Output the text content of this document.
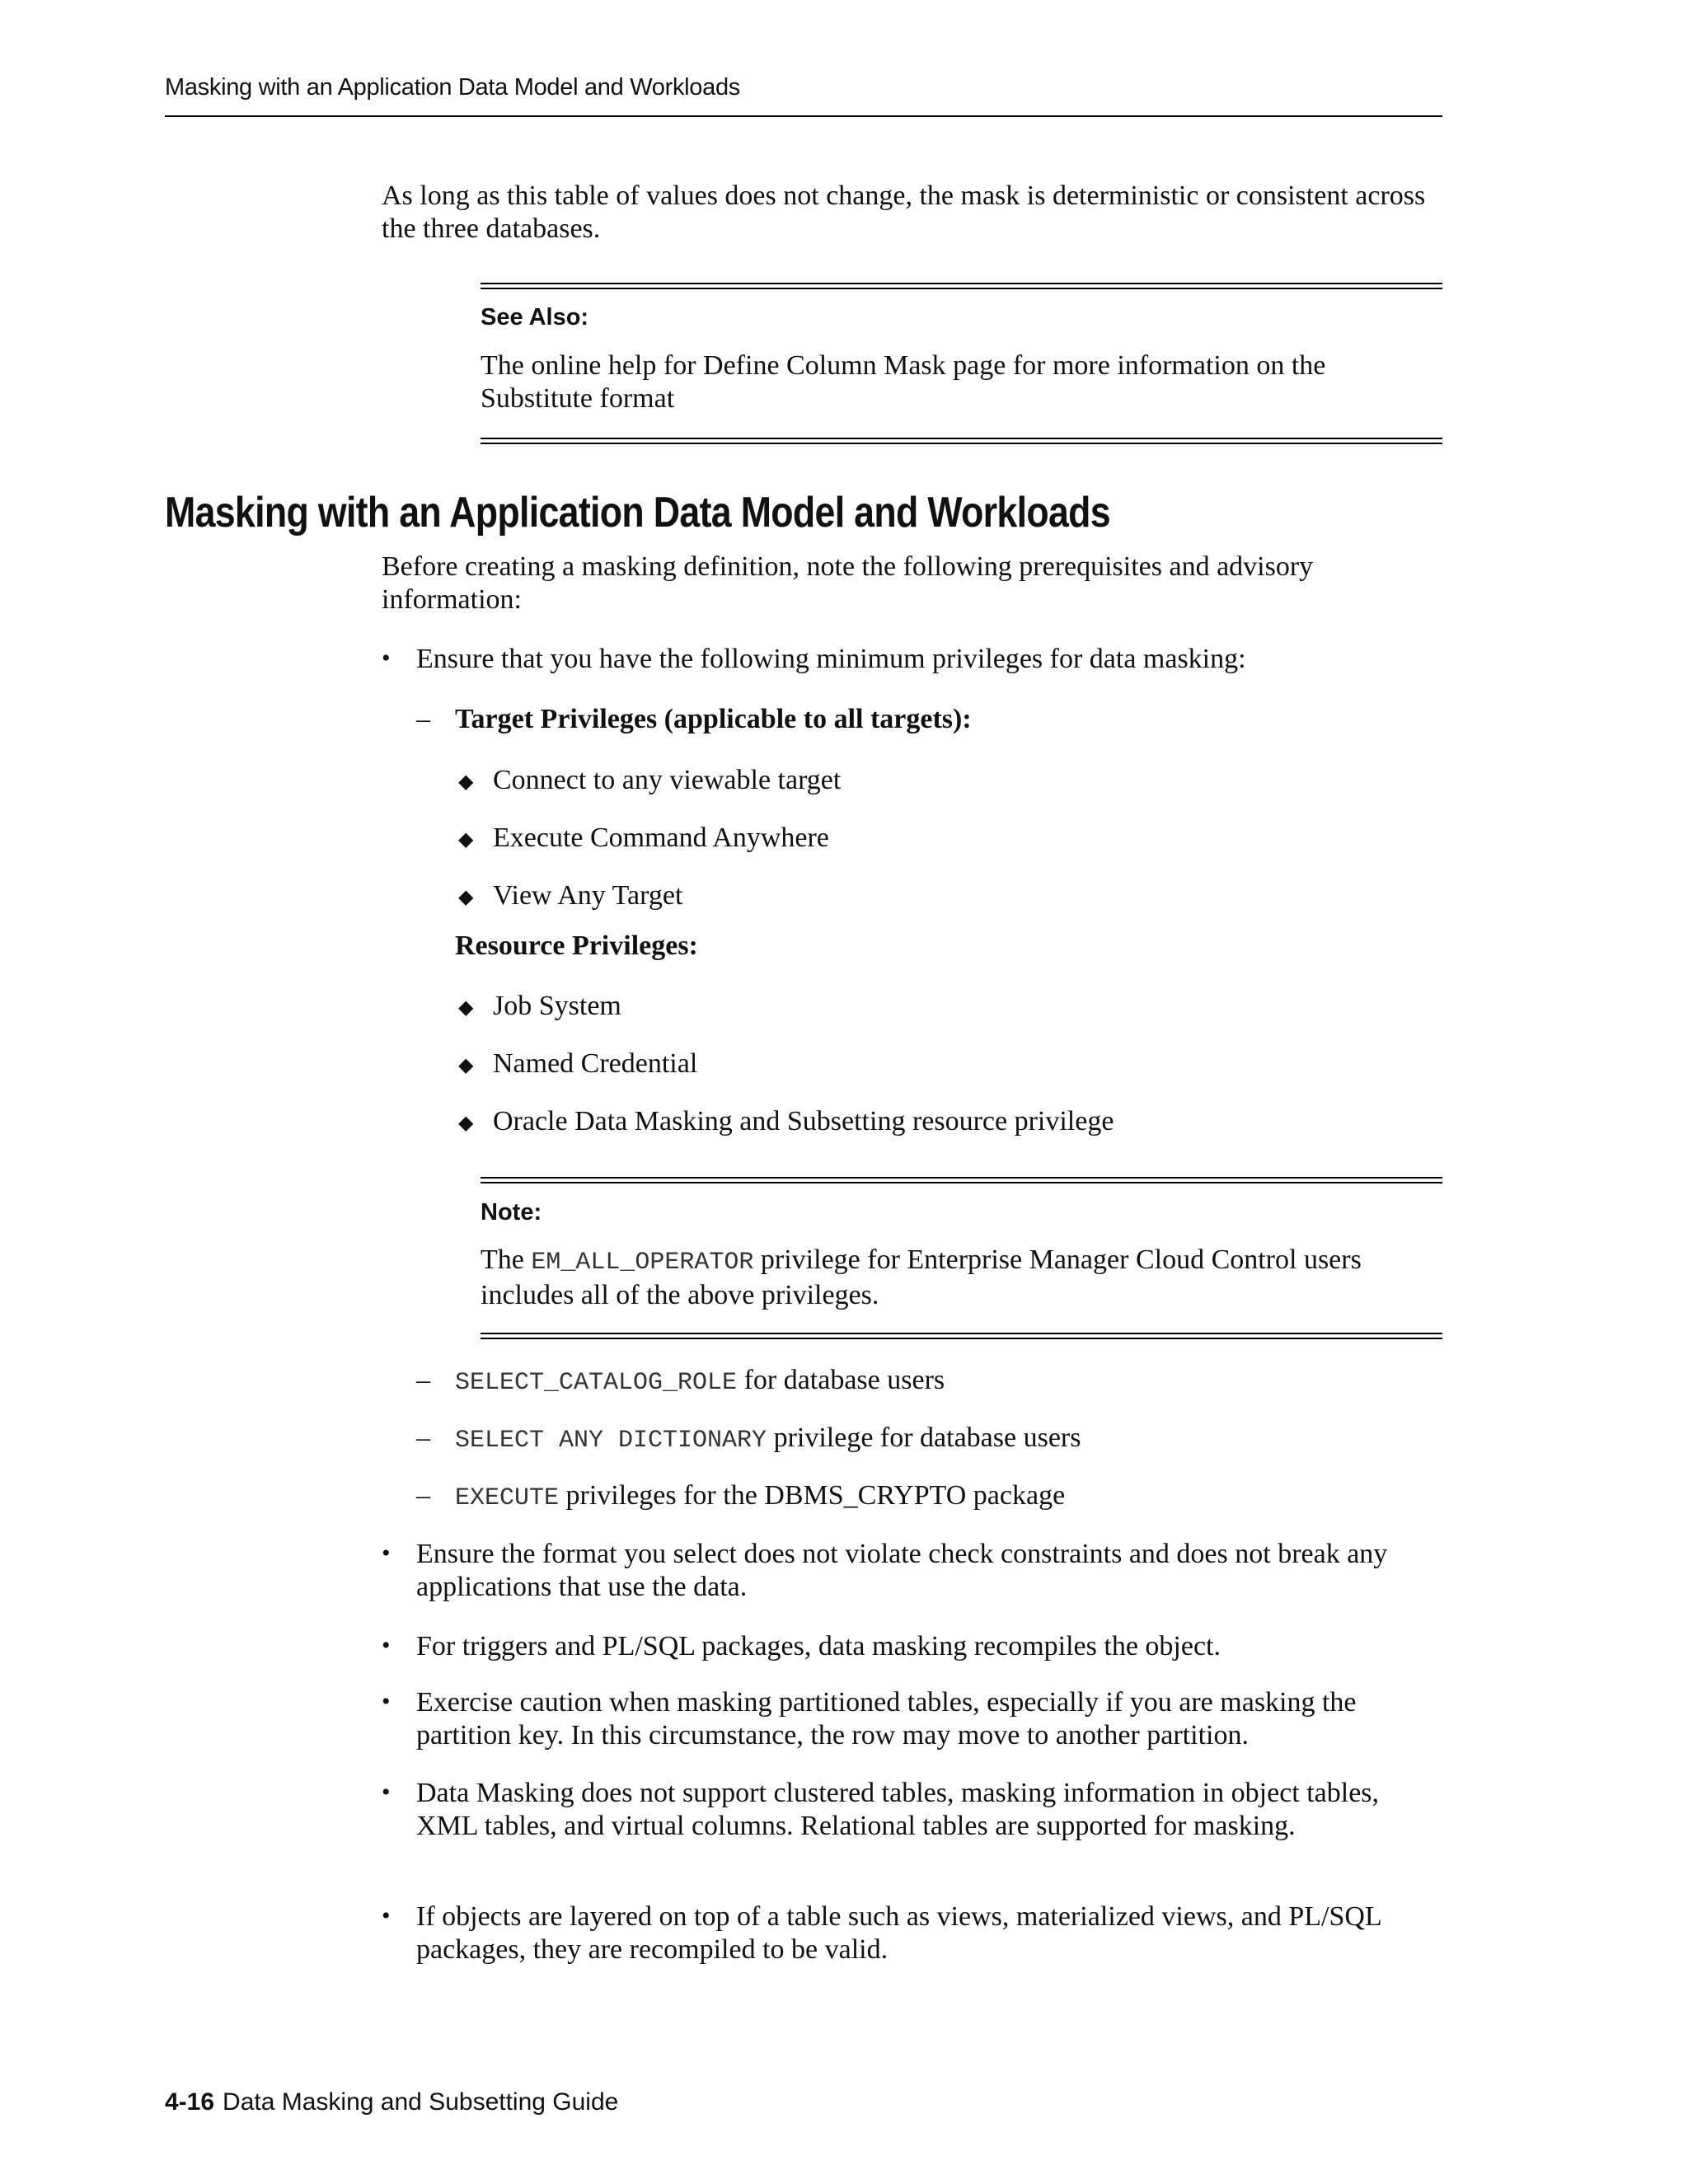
Masking with an Application Data Model and Workloads
As long as this table of values does not change, the mask is deterministic or consistent across the three databases.
See Also:
The online help for Define Column Mask page for more information on the Substitute format
Masking with an Application Data Model and Workloads
Before creating a masking definition, note the following prerequisites and advisory information:
• Ensure that you have the following minimum privileges for data masking:
– Target Privileges (applicable to all targets):
◆ Connect to any viewable target
◆ Execute Command Anywhere
◆ View Any Target
Resource Privileges:
◆ Job System
◆ Named Credential
◆ Oracle Data Masking and Subsetting resource privilege
Note:
The EM_ALL_OPERATOR privilege for Enterprise Manager Cloud Control users includes all of the above privileges.
– SELECT_CATALOG_ROLE for database users
– SELECT ANY DICTIONARY privilege for database users
– EXECUTE privileges for the DBMS_CRYPTO package
• Ensure the format you select does not violate check constraints and does not break any applications that use the data.
• For triggers and PL/SQL packages, data masking recompiles the object.
• Exercise caution when masking partitioned tables, especially if you are masking the partition key. In this circumstance, the row may move to another partition.
• Data Masking does not support clustered tables, masking information in object tables, XML tables, and virtual columns. Relational tables are supported for masking.
• If objects are layered on top of a table such as views, materialized views, and PL/SQL packages, they are recompiled to be valid.
4-16 Data Masking and Subsetting Guide
